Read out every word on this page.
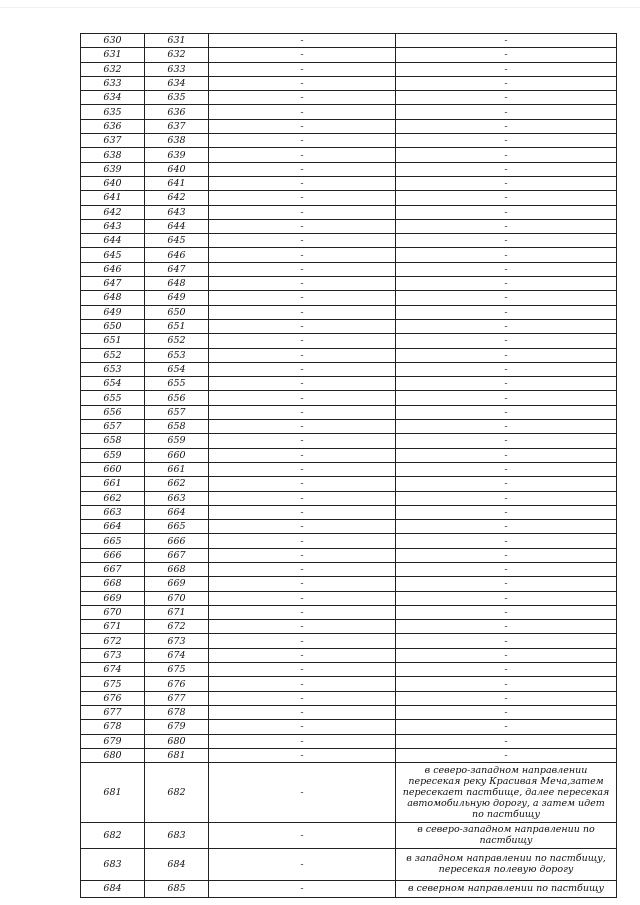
630	631	-	-
631	632	-	-
632	633	-	-
633	634	-	-
634	635	-	-
635	636	-	-
636	637	-	-
637	638	-	-
638	639	-	-
639	640	-	-
640	641	-	-
641	642	-	-
642	643	-	-
643	644	-	-
644	645	-	-
645	646	-	-
646	647	-	-
647	648	-	-
648	649	-	-
649	650	-	-
650	651	-	-
651	652	-	-
652	653	-	-
653	654	-	-
654	655	-	-
655	656	-	-
656	657	-	-
657	658	-	-
658	659	-	-
659	660	-	-
660	661	-	-
661	662	-	-
662	663	-	-
663	664	-	-
664	665	-	-
665	666	-	-
666	667	-	-
667	668	-	-
668	669	-	-
669	670	-	-
670	671	-	-
671	672	-	-
672	673	-	-
673	674	-	-
674	675	-	-
675	676	-	-
676	677	-	-
677	678	-	-
678	679	-	-
679	680	-	-
680	681	-	-
681	682	-	в северо-западном направлении пересекая реку Красивая Меча,затем пересекает пастбище, далее пересекая автомобильную дорогу, а затем идет по пастбищу
682	683	-	в северо-западном направлении по пастбищу
683	684	-	в западном направлении по пастбищу, пересекая полевую дорогу
684	685	-	в северном направлении по пастбищу
